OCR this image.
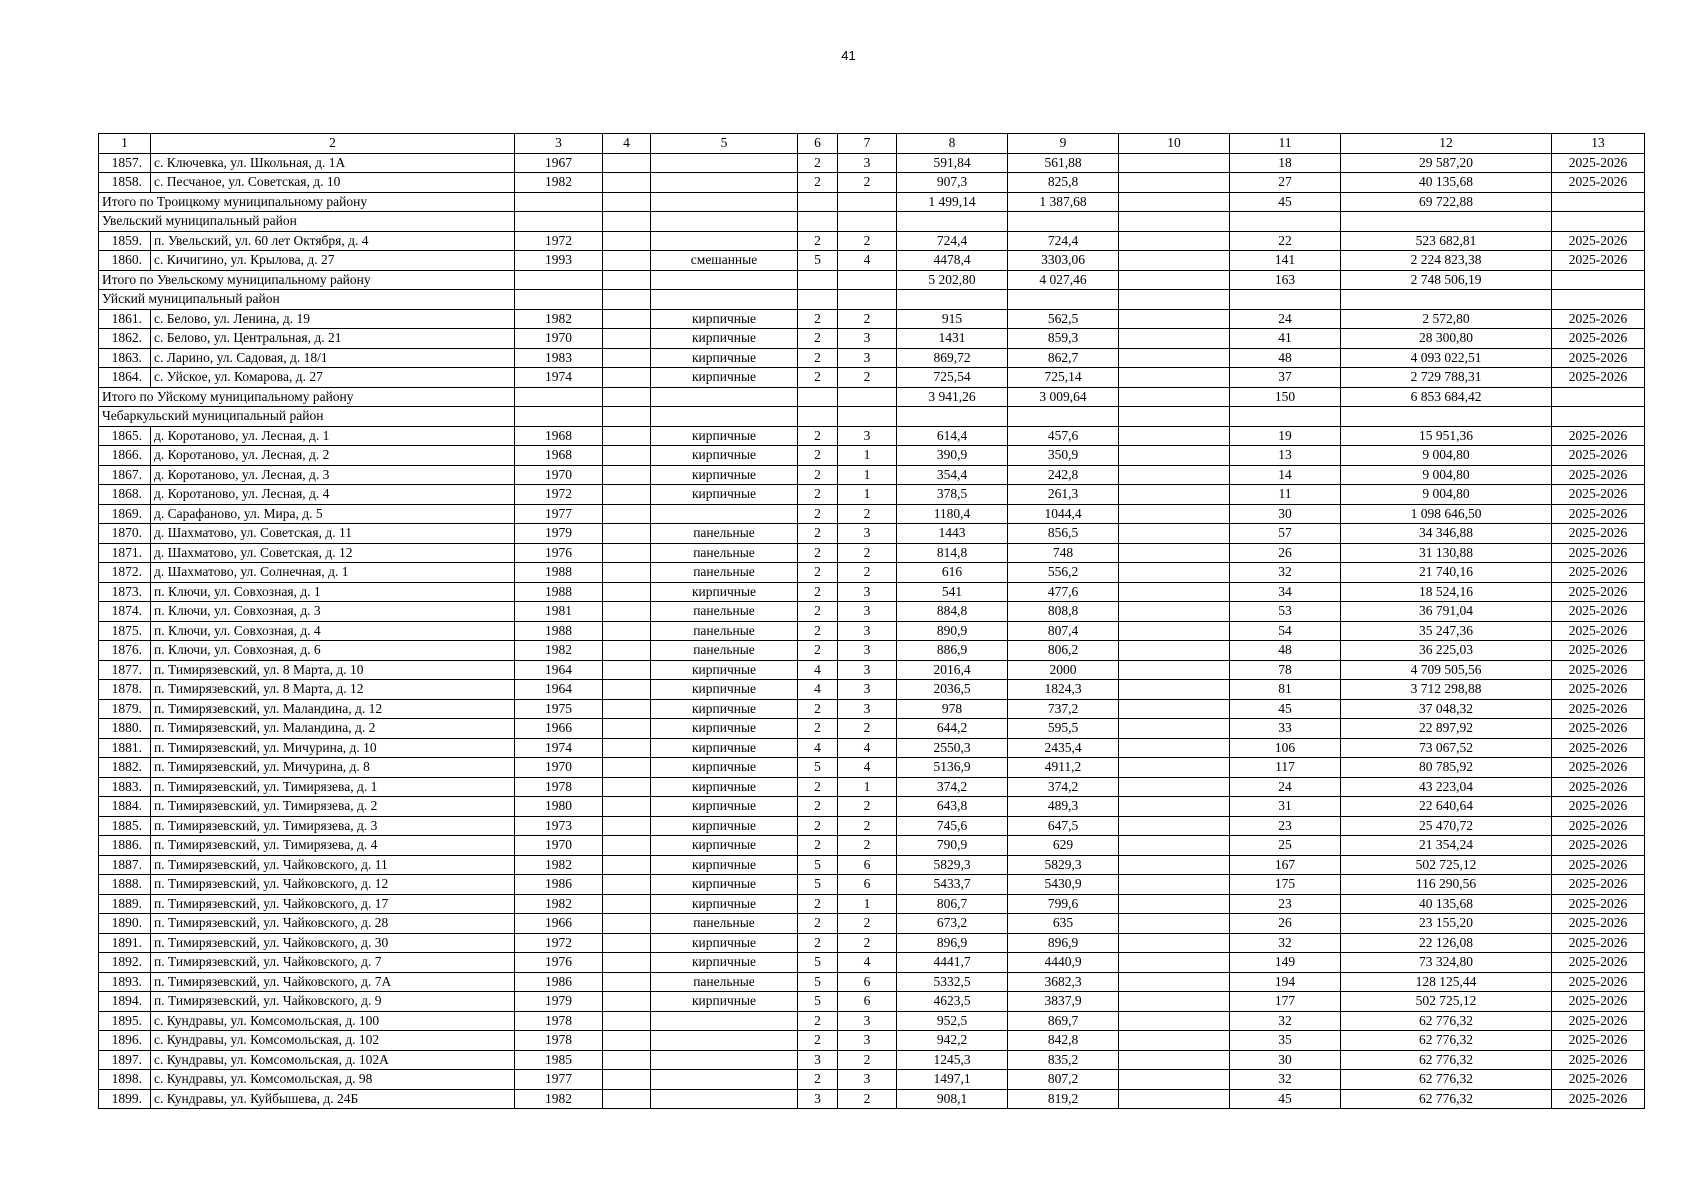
41
1	2	3	4	5	6	7	8	9	10	11	12	13
1857.	с. Ключевка, ул. Школьная, д. 1А	1967			2	3	591,84	561,88		18	29 587,20	2025-2026
1858.	с. Песчаное, ул. Советская, д. 10	1982			2	2	907,3	825,8		27	40 135,68	2025-2026
Итого по Троицкому муниципальному району							1 499,14	1 387,68		45	69 722,88	
Увельский муниципальный район												
1859.	п. Увельский, ул. 60 лет Октября, д. 4	1972			2	2	724,4	724,4		22	523 682,81	2025-2026
1860.	с. Кичигино, ул. Крылова, д. 27	1993		смешанные	5	4	4478,4	3303,06		141	2 224 823,38	2025-2026
Итого по Увельскому муниципальному району							5 202,80	4 027,46		163	2 748 506,19	
Уйский муниципальный район												
1861.	с. Белово, ул. Ленина, д. 19	1982		кирпичные	2	2	915	562,5		24	2 572,80	2025-2026
1862.	с. Белово, ул. Центральная, д. 21	1970		кирпичные	2	3	1431	859,3		41	28 300,80	2025-2026
1863.	с. Ларино, ул. Садовая, д. 18/1	1983		кирпичные	2	3	869,72	862,7		48	4 093 022,51	2025-2026
1864.	с. Уйское, ул. Комарова, д. 27	1974		кирпичные	2	2	725,54	725,14		37	2 729 788,31	2025-2026
Итого по Уйскому муниципальному району							3 941,26	3 009,64		150	6 853 684,42	
Чебаркульский муниципальный район												
1865.	д. Коротаново, ул. Лесная, д. 1	1968		кирпичные	2	3	614,4	457,6		19	15 951,36	2025-2026
1866.	д. Коротаново, ул. Лесная, д. 2	1968		кирпичные	2	1	390,9	350,9		13	9 004,80	2025-2026
1867.	д. Коротаново, ул. Лесная, д. 3	1970		кирпичные	2	1	354,4	242,8		14	9 004,80	2025-2026
1868.	д. Коротаново, ул. Лесная, д. 4	1972		кирпичные	2	1	378,5	261,3		11	9 004,80	2025-2026
1869.	д. Сарафаново, ул. Мира, д. 5	1977			2	2	1180,4	1044,4		30	1 098 646,50	2025-2026
1870.	д. Шахматово, ул. Советская, д. 11	1979		панельные	2	3	1443	856,5		57	34 346,88	2025-2026
1871.	д. Шахматово, ул. Советская, д. 12	1976		панельные	2	2	814,8	748		26	31 130,88	2025-2026
1872.	д. Шахматово, ул. Солнечная, д. 1	1988		панельные	2	2	616	556,2		32	21 740,16	2025-2026
1873.	п. Ключи, ул. Совхозная, д. 1	1988		кирпичные	2	3	541	477,6		34	18 524,16	2025-2026
1874.	п. Ключи, ул. Совхозная, д. 3	1981		панельные	2	3	884,8	808,8		53	36 791,04	2025-2026
1875.	п. Ключи, ул. Совхозная, д. 4	1988		панельные	2	3	890,9	807,4		54	35 247,36	2025-2026
1876.	п. Ключи, ул. Совхозная, д. 6	1982		панельные	2	3	886,9	806,2		48	36 225,03	2025-2026
1877.	п. Тимирязевский, ул. 8 Марта, д. 10	1964		кирпичные	4	3	2016,4	2000		78	4 709 505,56	2025-2026
1878.	п. Тимирязевский, ул. 8 Марта, д. 12	1964		кирпичные	4	3	2036,5	1824,3		81	3 712 298,88	2025-2026
1879.	п. Тимирязевский, ул. Маландина, д. 12	1975		кирпичные	2	3	978	737,2		45	37 048,32	2025-2026
1880.	п. Тимирязевский, ул. Маландина, д. 2	1966		кирпичные	2	2	644,2	595,5		33	22 897,92	2025-2026
1881.	п. Тимирязевский, ул. Мичурина, д. 10	1974		кирпичные	4	4	2550,3	2435,4		106	73 067,52	2025-2026
1882.	п. Тимирязевский, ул. Мичурина, д. 8	1970		кирпичные	5	4	5136,9	4911,2		117	80 785,92	2025-2026
1883.	п. Тимирязевский, ул. Тимирязева, д. 1	1978		кирпичные	2	1	374,2	374,2		24	43 223,04	2025-2026
1884.	п. Тимирязевский, ул. Тимирязева, д. 2	1980		кирпичные	2	2	643,8	489,3		31	22 640,64	2025-2026
1885.	п. Тимирязевский, ул. Тимирязева, д. 3	1973		кирпичные	2	2	745,6	647,5		23	25 470,72	2025-2026
1886.	п. Тимирязевский, ул. Тимирязева, д. 4	1970		кирпичные	2	2	790,9	629		25	21 354,24	2025-2026
1887.	п. Тимирязевский, ул. Чайковского, д. 11	1982		кирпичные	5	6	5829,3	5829,3		167	502 725,12	2025-2026
1888.	п. Тимирязевский, ул. Чайковского, д. 12	1986		кирпичные	5	6	5433,7	5430,9		175	116 290,56	2025-2026
1889.	п. Тимирязевский, ул. Чайковского, д. 17	1982		кирпичные	2	1	806,7	799,6		23	40 135,68	2025-2026
1890.	п. Тимирязевский, ул. Чайковского, д. 28	1966		панельные	2	2	673,2	635		26	23 155,20	2025-2026
1891.	п. Тимирязевский, ул. Чайковского, д. 30	1972		кирпичные	2	2	896,9	896,9		32	22 126,08	2025-2026
1892.	п. Тимирязевский, ул. Чайковского, д. 7	1976		кирпичные	5	4	4441,7	4440,9		149	73 324,80	2025-2026
1893.	п. Тимирязевский, ул. Чайковского, д. 7А	1986		панельные	5	6	5332,5	3682,3		194	128 125,44	2025-2026
1894.	п. Тимирязевский, ул. Чайковского, д. 9	1979		кирпичные	5	6	4623,5	3837,9		177	502 725,12	2025-2026
1895.	с. Кундравы, ул. Комсомольская, д. 100	1978			2	3	952,5	869,7		32	62 776,32	2025-2026
1896.	с. Кундравы, ул. Комсомольская, д. 102	1978			2	3	942,2	842,8		35	62 776,32	2025-2026
1897.	с. Кундравы, ул. Комсомольская, д. 102А	1985			3	2	1245,3	835,2		30	62 776,32	2025-2026
1898.	с. Кундравы, ул. Комсомольская, д. 98	1977			2	3	1497,1	807,2		32	62 776,32	2025-2026
1899.	с. Кундравы, ул. Куйбышева, д. 24Б	1982			3	2	908,1	819,2		45	62 776,32	2025-2026
